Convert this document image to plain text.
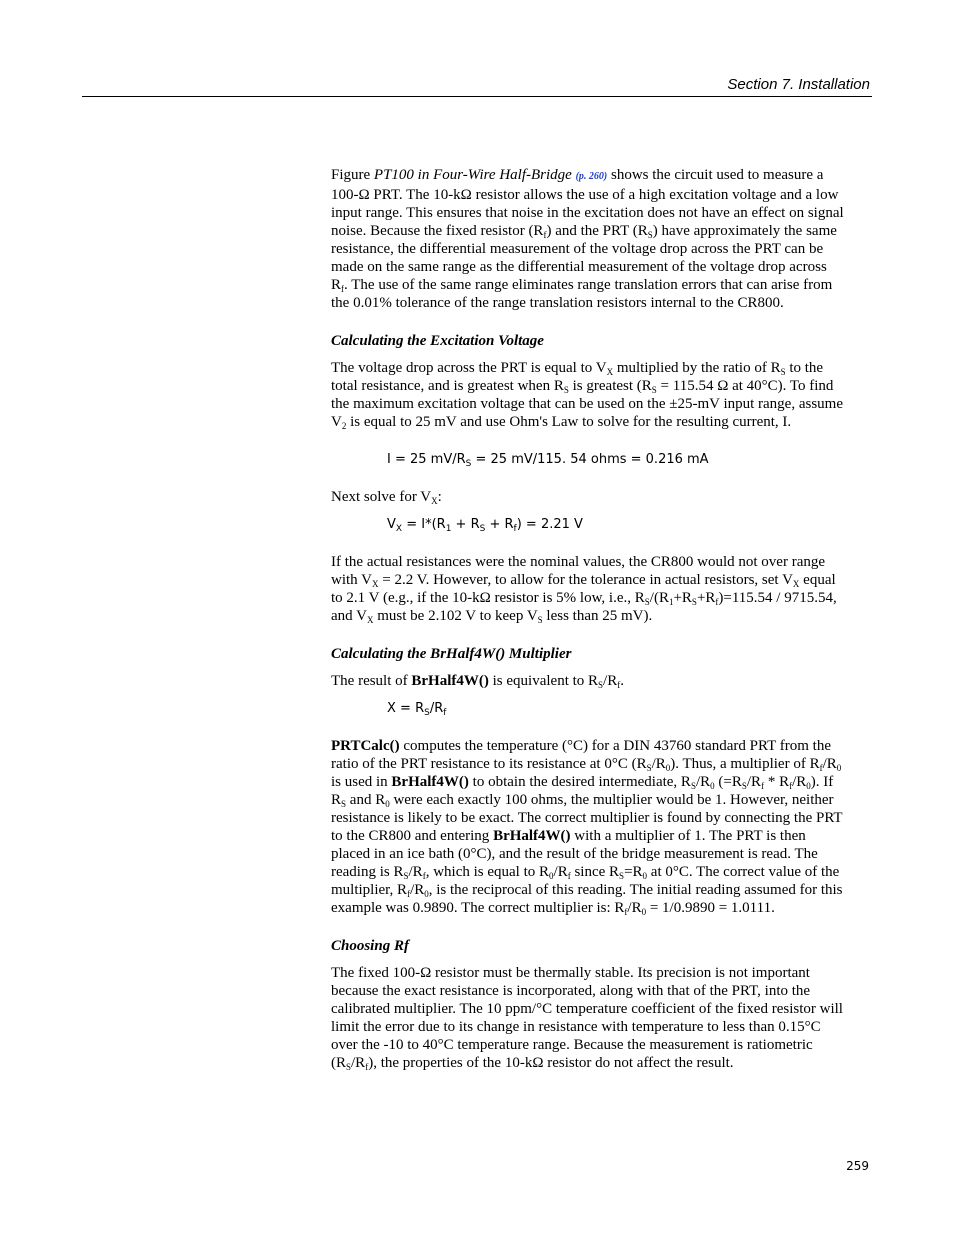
Section 7. Installation

Figure PT100 in Four-Wire Half-Bridge (p. 260) shows the circuit used to measure a 100-Ω PRT. The 10-kΩ resistor allows the use of a high excitation voltage and a low input range. This ensures that noise in the excitation does not have an effect on signal noise. Because the fixed resistor $(R_f)$ and the PRT $(R_S)$ have approximately the same resistance, the differential measurement of the voltage drop across the PRT can be made on the same range as the differential measurement of the voltage drop across $R_f$. The use of the same range eliminates range translation errors that can arise from the 0.01% tolerance of the range translation resistors internal to the CR800.

Calculating the Excitation Voltage

The voltage drop across the PRT is equal to $V_X$ multiplied by the ratio of $R_S$ to the total resistance, and is greatest when $R_S$ is greatest ($R_S = 115.54$ Ω at 40°C). To find the maximum excitation voltage that can be used on the ±25-mV input range, assume $V_2$ is equal to 25 mV and use Ohm's Law to solve for the resulting current, I.

I = 25 $mV/R_S = 25$ mV/115. 54 ohms = 0.216 mA

Next solve for $V_X$:

$V_X = I*(R_1 + R_S + R_f) = 2.21$ V

If the actual resistances were the nominal values, the CR800 would not over range with $V_X = 2.2$ V. However, to allow for the tolerance in actual resistors, set $V_X$ equal to 2.1 V (e.g., if the 10-kΩ resistor is 5% low, i.e., $R_S/(R_1+R_S+R_f)=115.54 / 9715.54$, and $V_X$ must be 2.102 V to keep $V_S$ less than 25 mV).

Calculating the BrHalf4W() Multiplier

The result of BrHalf4W() is equivalent to $R_S/R_f$.

$X = R_S/R_f$

PRTCalc() computes the temperature (°C) for a DIN 43760 standard PRT from the ratio of the PRT resistance to its resistance at 0°C $(R_S/R_0)$. Thus, a multiplier of $R_f/R_0$ is used in BrHalf4W() to obtain the desired intermediate, $R_S/R_0$ $(=R_S/R_f * R_f/R_0)$. If $R_S$ and $R_0$ were each exactly 100 ohms, the multiplier would be 1. However, neither resistance is likely to be exact. The correct multiplier is found by connecting the PRT to the CR800 and entering BrHalf4W() with a multiplier of 1. The PRT is then placed in an ice bath (0°C), and the result of the bridge measurement is read. The reading is $R_S/R_f$, which is equal to $R_0/R_f$ since $R_S=R_0$ at 0°C. The correct value of the multiplier, $R_f/R_0$, is the reciprocal of this reading. The initial reading assumed for this example was 0.9890. The correct multiplier is: $R_f/R_0 = 1/0.9890 = 1.0111$.

Choosing Rf

The fixed 100-Ω resistor must be thermally stable. Its precision is not important because the exact resistance is incorporated, along with that of the PRT, into the calibrated multiplier. The 10 ppm/°C temperature coefficient of the fixed resistor will limit the error due to its change in resistance with temperature to less than 0.15°C over the -10 to 40°C temperature range. Because the measurement is ratiometric $(R_S/R_f)$, the properties of the 10-kΩ resistor do not affect the result.

259
